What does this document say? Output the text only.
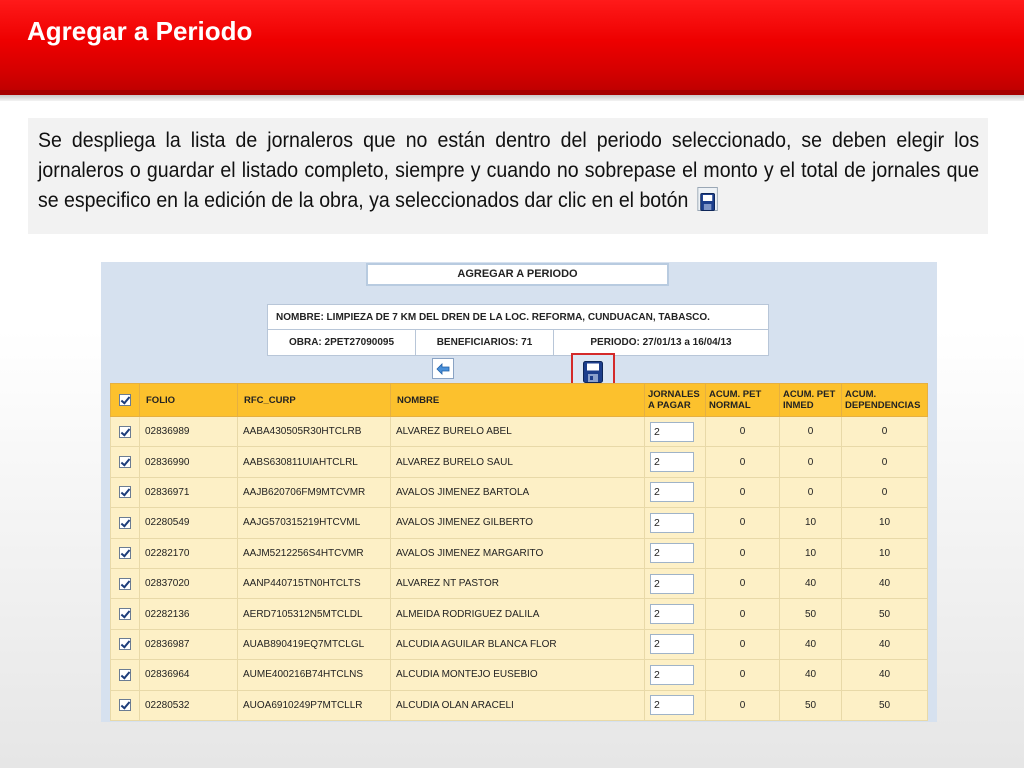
Agregar a Periodo
Se despliega la lista de jornaleros que no están dentro del periodo seleccionado, se deben elegir los jornaleros o guardar el listado completo, siempre y cuando no sobrepase el monto y el total de jornales que se especifico en la edición de la obra, ya seleccionados dar clic en el botón
AGREGAR A PERIODO
NOMBRE: LIMPIEZA DE 7 KM DEL DREN DE LA LOC. REFORMA, CUNDUACAN, TABASCO.
OBRA: 2PET27090095	BENEFICIARIOS: 71	PERIODO: 27/01/13 a 16/04/13
	FOLIO	RFC_CURP	NOMBRE	JORNALES A PAGAR	ACUM. PET NORMAL	ACUM. PET INMED	ACUM. DEPENDENCIAS
	02836989	AABA430505R30HTCLRB	ALVAREZ BURELO ABEL	2	0	0	0
	02836990	AABS630811UIAHTCLRL	ALVAREZ BURELO SAUL	2	0	0	0
	02836971	AAJB620706FM9MTCVMR	AVALOS JIMENEZ BARTOLA	2	0	0	0
	02280549	AAJG570315219HTCVML	AVALOS JIMENEZ GILBERTO	2	0	10	10
	02282170	AAJM5212256S4HTCVMR	AVALOS JIMENEZ MARGARITO	2	0	10	10
	02837020	AANP440715TN0HTCLTS	ALVAREZ NT PASTOR	2	0	40	40
	02282136	AERD7105312N5MTCLDL	ALMEIDA RODRIGUEZ DALILA	2	0	50	50
	02836987	AUAB890419EQ7MTCLGL	ALCUDIA AGUILAR BLANCA FLOR	2	0	40	40
	02836964	AUME400216B74HTCLNS	ALCUDIA MONTEJO EUSEBIO	2	0	40	40
	02280532	AUOA6910249P7MTCLLR	ALCUDIA OLAN ARACELI	2	0	50	50
